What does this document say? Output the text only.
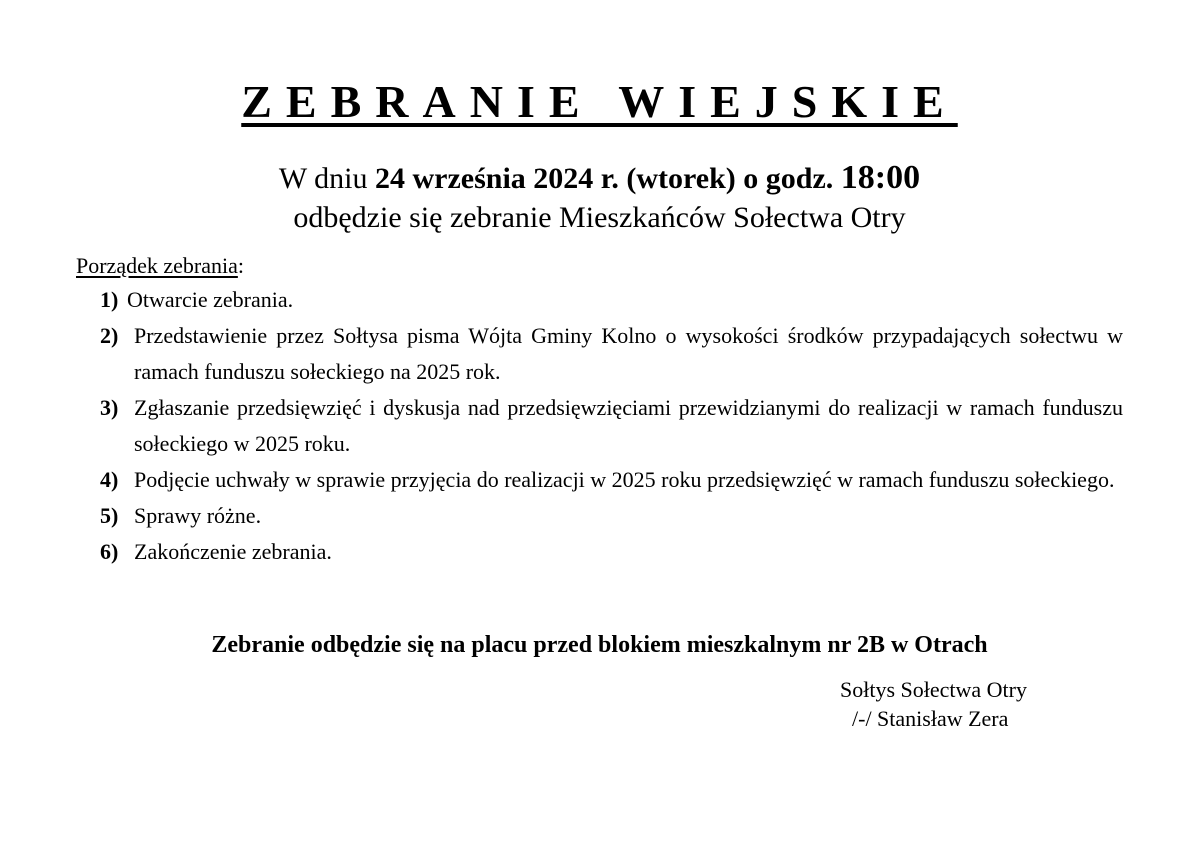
ZEBRANIE WIEJSKIE
W dniu 24 września 2024 r. (wtorek) o godz. 18:00
odbędzie się zebranie Mieszkańców Sołectwa Otry
Porządek zebrania:
1) Otwarcie zebrania.
2) Przedstawienie przez Sołtysa pisma Wójta Gminy Kolno o wysokości środków przypadających sołectwu w ramach funduszu sołeckiego na 2025 rok.
3) Zgłaszanie przedsięwzięć i dyskusja nad przedsięwzięciami przewidzianymi do realizacji w ramach funduszu sołeckiego w 2025 roku.
4) Podjęcie uchwały w sprawie przyjęcia do realizacji w 2025 roku przedsięwzięć w ramach funduszu sołeckiego.
5) Sprawy różne.
6) Zakończenie zebrania.
Zebranie odbędzie się na placu przed blokiem mieszkalnym nr 2B w Otrach
Sołtys Sołectwa Otry
/-/ Stanisław Zera
